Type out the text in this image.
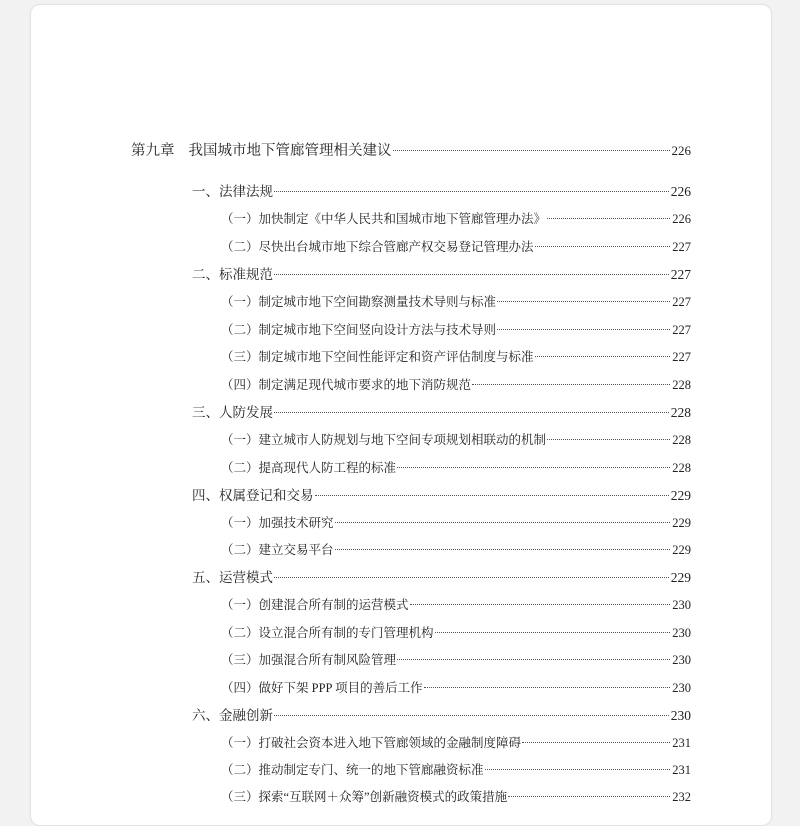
第九章 我国城市地下管廊管理相关建议	226
一、法律法规	226
（一）加快制定《中华人民共和国城市地下管廊管理办法》	226
（二）尽快出台城市地下综合管廊产权交易登记管理办法	227
二、标准规范	227
（一）制定城市地下空间勘察测量技术导则与标准	227
（二）制定城市地下空间竖向设计方法与技术导则	227
（三）制定城市地下空间性能评定和资产评估制度与标准	227
（四）制定满足现代城市要求的地下消防规范	228
三、人防发展	228
（一）建立城市人防规划与地下空间专项规划相联动的机制	228
（二）提高现代人防工程的标准	228
四、权属登记和交易	229
（一）加强技术研究	229
（二）建立交易平台	229
五、运营模式	229
（一）创建混合所有制的运营模式	230
（二）设立混合所有制的专门管理机构	230
（三）加强混合所有制风险管理	230
（四）做好下架 PPP 项目的善后工作	230
六、金融创新	230
（一）打破社会资本进入地下管廊领域的金融制度障碍	231
（二）推动制定专门、统一的地下管廊融资标准	231
（三）探索“互联网＋众筹”创新融资模式的政策措施	232
